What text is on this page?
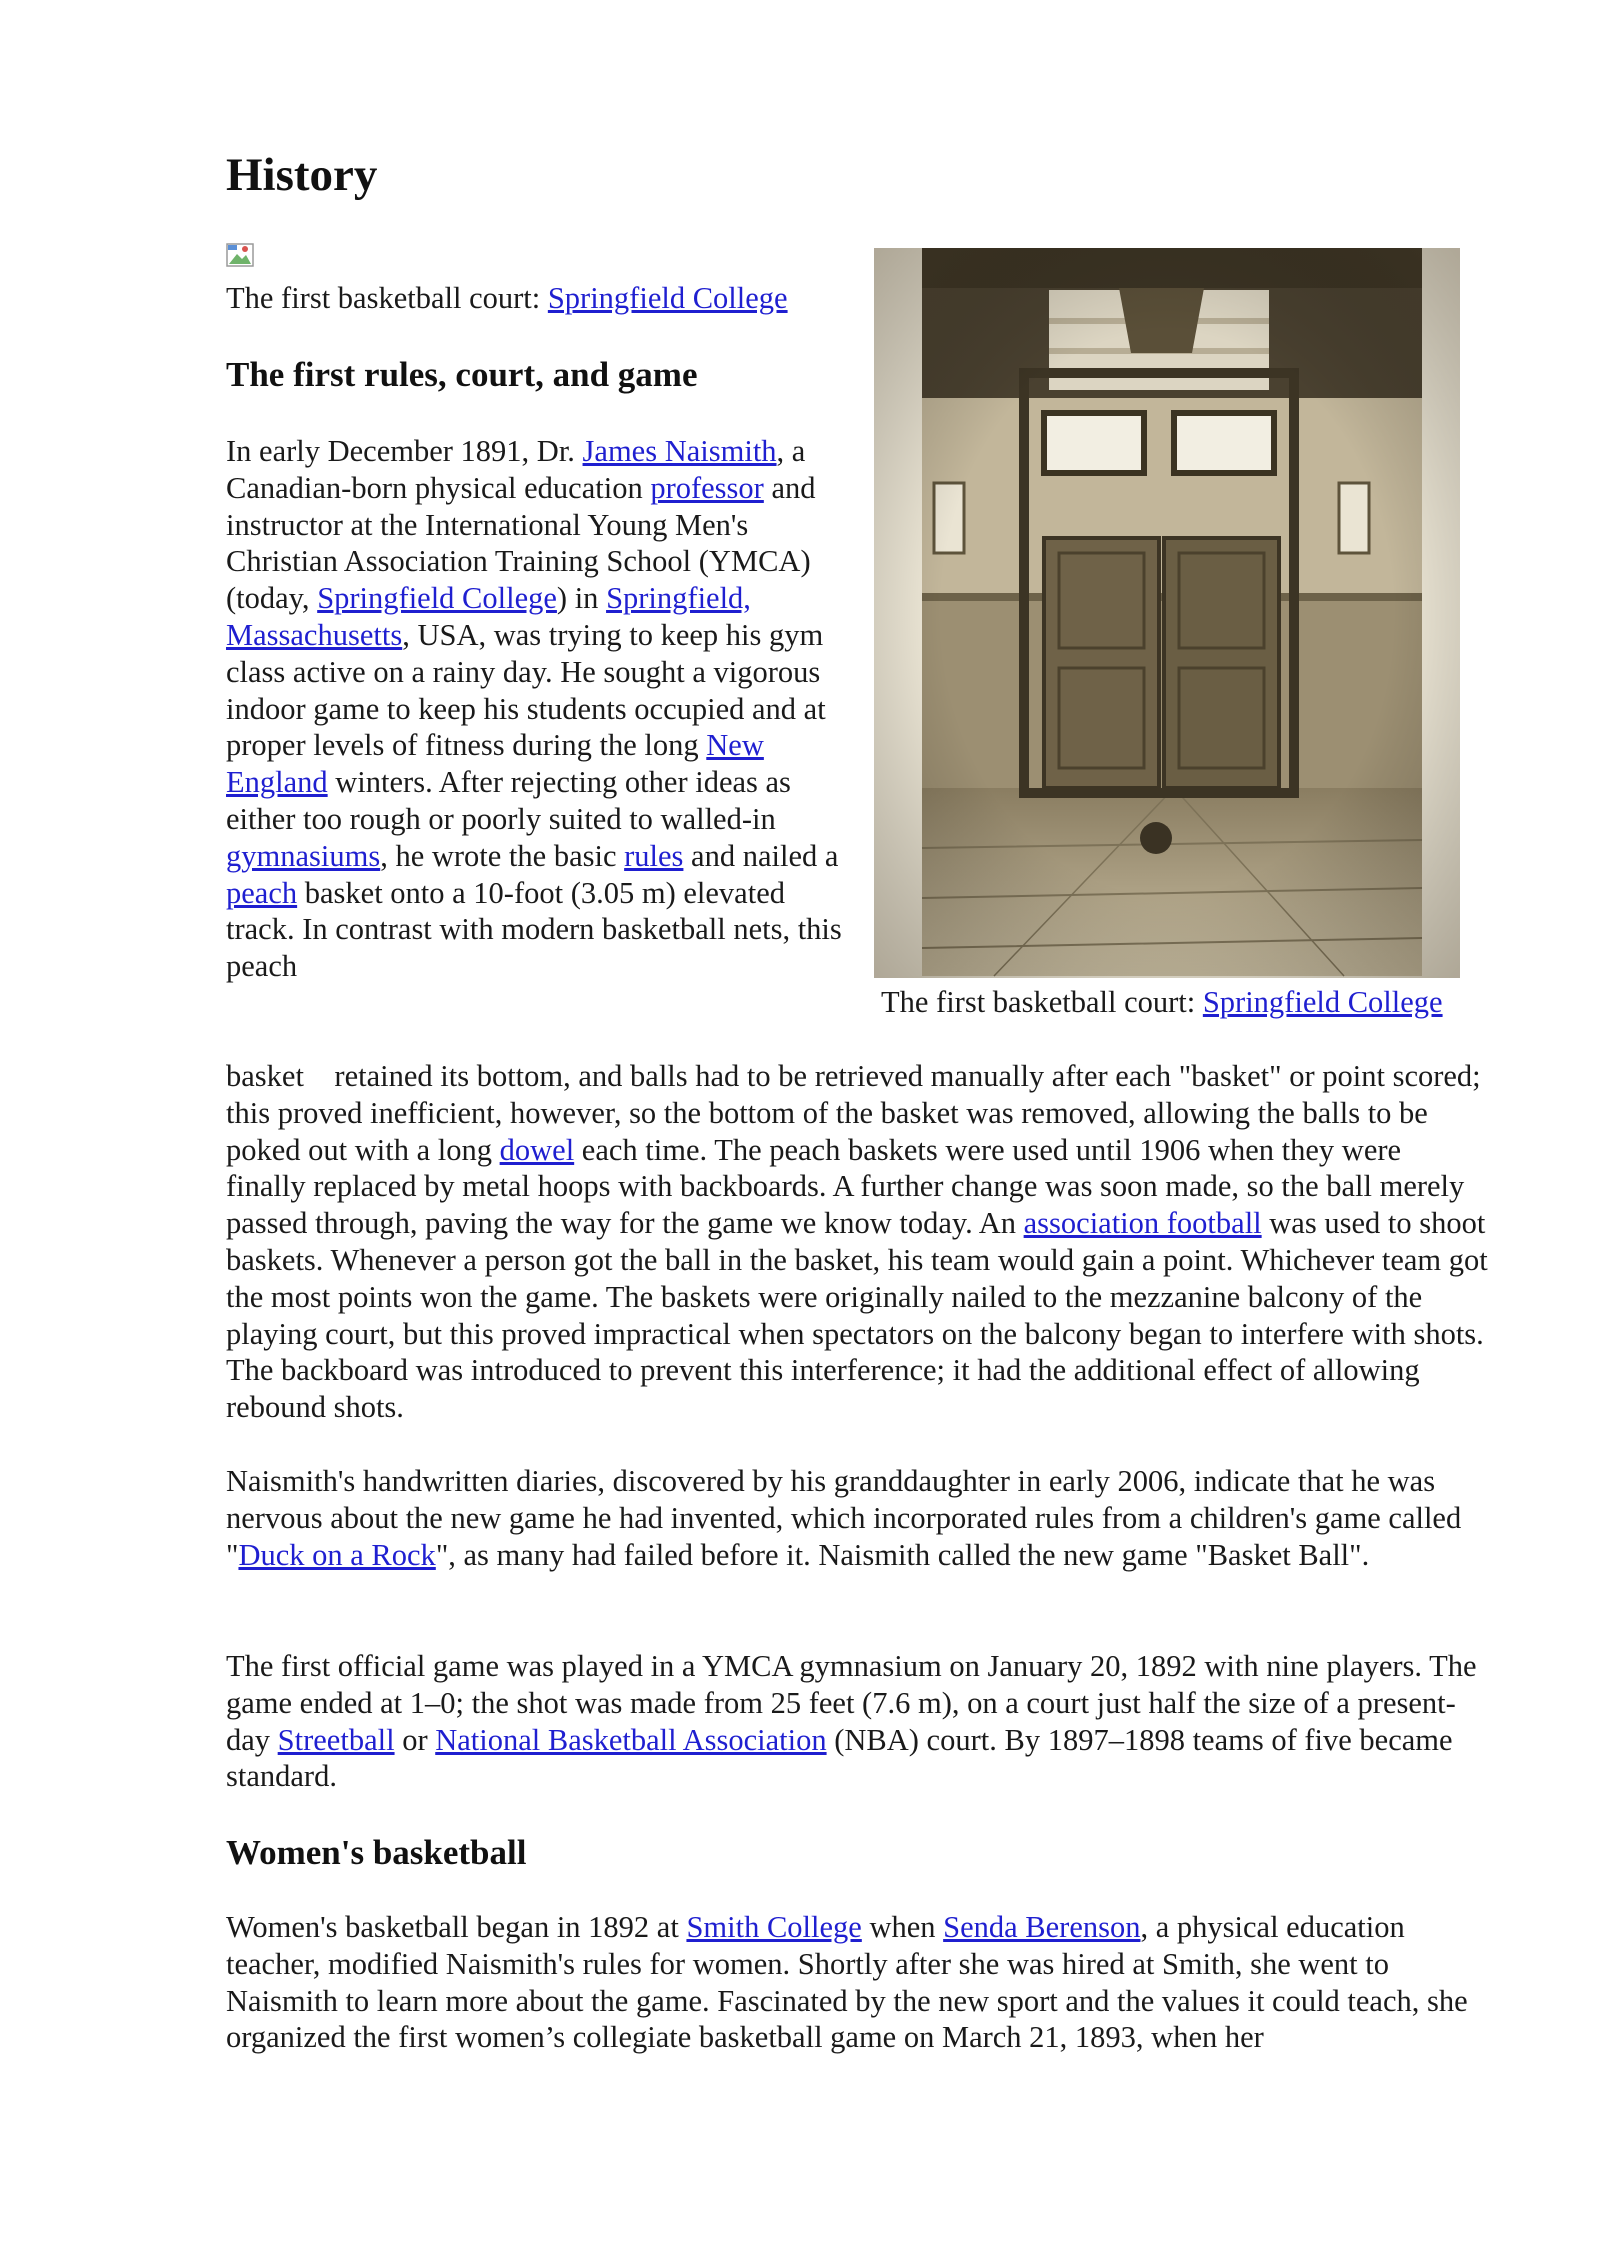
History

The first basketball court: Springfield College

The first rules, court, and game

In early December 1891, Dr. James Naismith, a Canadian-born physical education professor and instructor at the International Young Men's Christian Association Training School (YMCA) (today, Springfield College) in Springfield, Massachusetts, USA, was trying to keep his gym class active on a rainy day. He sought a vigorous indoor game to keep his students occupied and at proper levels of fitness during the long New England winters. After rejecting other ideas as either too rough or poorly suited to walled-in gymnasiums, he wrote the basic rules and nailed a peach basket onto a 10-foot (3.05 m) elevated track. In contrast with modern basketball nets, this peach

The first basketball court: Springfield College

basket    retained its bottom, and balls had to be retrieved manually after each "basket" or point scored; this proved inefficient, however, so the bottom of the basket was removed, allowing the balls to be poked out with a long dowel each time. The peach baskets were used until 1906 when they were finally replaced by metal hoops with backboards. A further change was soon made, so the ball merely passed through, paving the way for the game we know today. An association football was used to shoot baskets. Whenever a person got the ball in the basket, his team would gain a point. Whichever team got the most points won the game. The baskets were originally nailed to the mezzanine balcony of the playing court, but this proved impractical when spectators on the balcony began to interfere with shots. The backboard was introduced to prevent this interference; it had the additional effect of allowing rebound shots.

Naismith's handwritten diaries, discovered by his granddaughter in early 2006, indicate that he was nervous about the new game he had invented, which incorporated rules from a children's game called "Duck on a Rock", as many had failed before it. Naismith called the new game "Basket Ball".

The first official game was played in a YMCA gymnasium on January 20, 1892 with nine players. The game ended at 1–0; the shot was made from 25 feet (7.6 m), on a court just half the size of a present-day Streetball or National Basketball Association (NBA) court. By 1897–1898 teams of five became standard.

Women's basketball

Women's basketball began in 1892 at Smith College when Senda Berenson, a physical education teacher, modified Naismith's rules for women. Shortly after she was hired at Smith, she went to Naismith to learn more about the game. Fascinated by the new sport and the values it could teach, she organized the first women’s collegiate basketball game on March 21, 1893, when her
